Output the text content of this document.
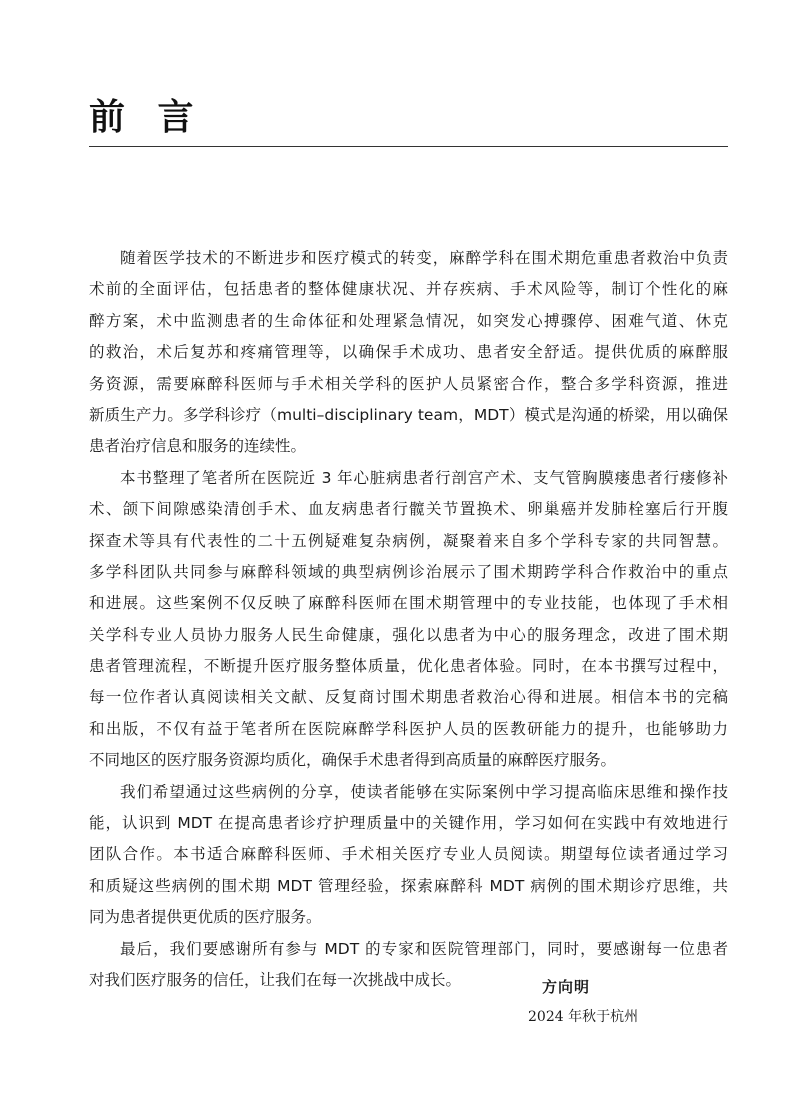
前 言

随着医学技术的不断进步和医疗模式的转变，麻醉学科在围术期危重患者救治中负责
术前的全面评估，包括患者的整体健康状况、并存疾病、手术风险等，制订个性化的麻
醉方案，术中监测患者的生命体征和处理紧急情况，如突发心搏骤停、困难气道、休克
的救治，术后复苏和疼痛管理等，以确保手术成功、患者安全舒适。提供优质的麻醉服
务资源，需要麻醉科医师与手术相关学科的医护人员紧密合作，整合多学科资源，推进
新质生产力。多学科诊疗（multi–disciplinary team，MDT）模式是沟通的桥梁，用以确保
患者治疗信息和服务的连续性。

本书整理了笔者所在医院近 3 年心脏病患者行剖宫产术、支气管胸膜瘘患者行瘘修补
术、颌下间隙感染清创手术、血友病患者行髋关节置换术、卵巢癌并发肺栓塞后行开腹
探查术等具有代表性的二十五例疑难复杂病例，凝聚着来自多个学科专家的共同智慧。
多学科团队共同参与麻醉科领域的典型病例诊治展示了围术期跨学科合作救治中的重点
和进展。这些案例不仅反映了麻醉科医师在围术期管理中的专业技能，也体现了手术相
关学科专业人员协力服务人民生命健康，强化以患者为中心的服务理念，改进了围术期
患者管理流程，不断提升医疗服务整体质量，优化患者体验。同时，在本书撰写过程中，
每一位作者认真阅读相关文献、反复商讨围术期患者救治心得和进展。相信本书的完稿
和出版，不仅有益于笔者所在医院麻醉学科医护人员的医教研能力的提升，也能够助力
不同地区的医疗服务资源均质化，确保手术患者得到高质量的麻醉医疗服务。

我们希望通过这些病例的分享，使读者能够在实际案例中学习提高临床思维和操作技
能，认识到 MDT 在提高患者诊疗护理质量中的关键作用，学习如何在实践中有效地进行
团队合作。本书适合麻醉科医师、手术相关医疗专业人员阅读。期望每位读者通过学习
和质疑这些病例的围术期 MDT 管理经验，探索麻醉科 MDT 病例的围术期诊疗思维，共
同为患者提供更优质的医疗服务。

最后，我们要感谢所有参与 MDT 的专家和医院管理部门，同时，要感谢每一位患者
对我们医疗服务的信任，让我们在每一次挑战中成长。	方向明
2024 年秋于杭州
